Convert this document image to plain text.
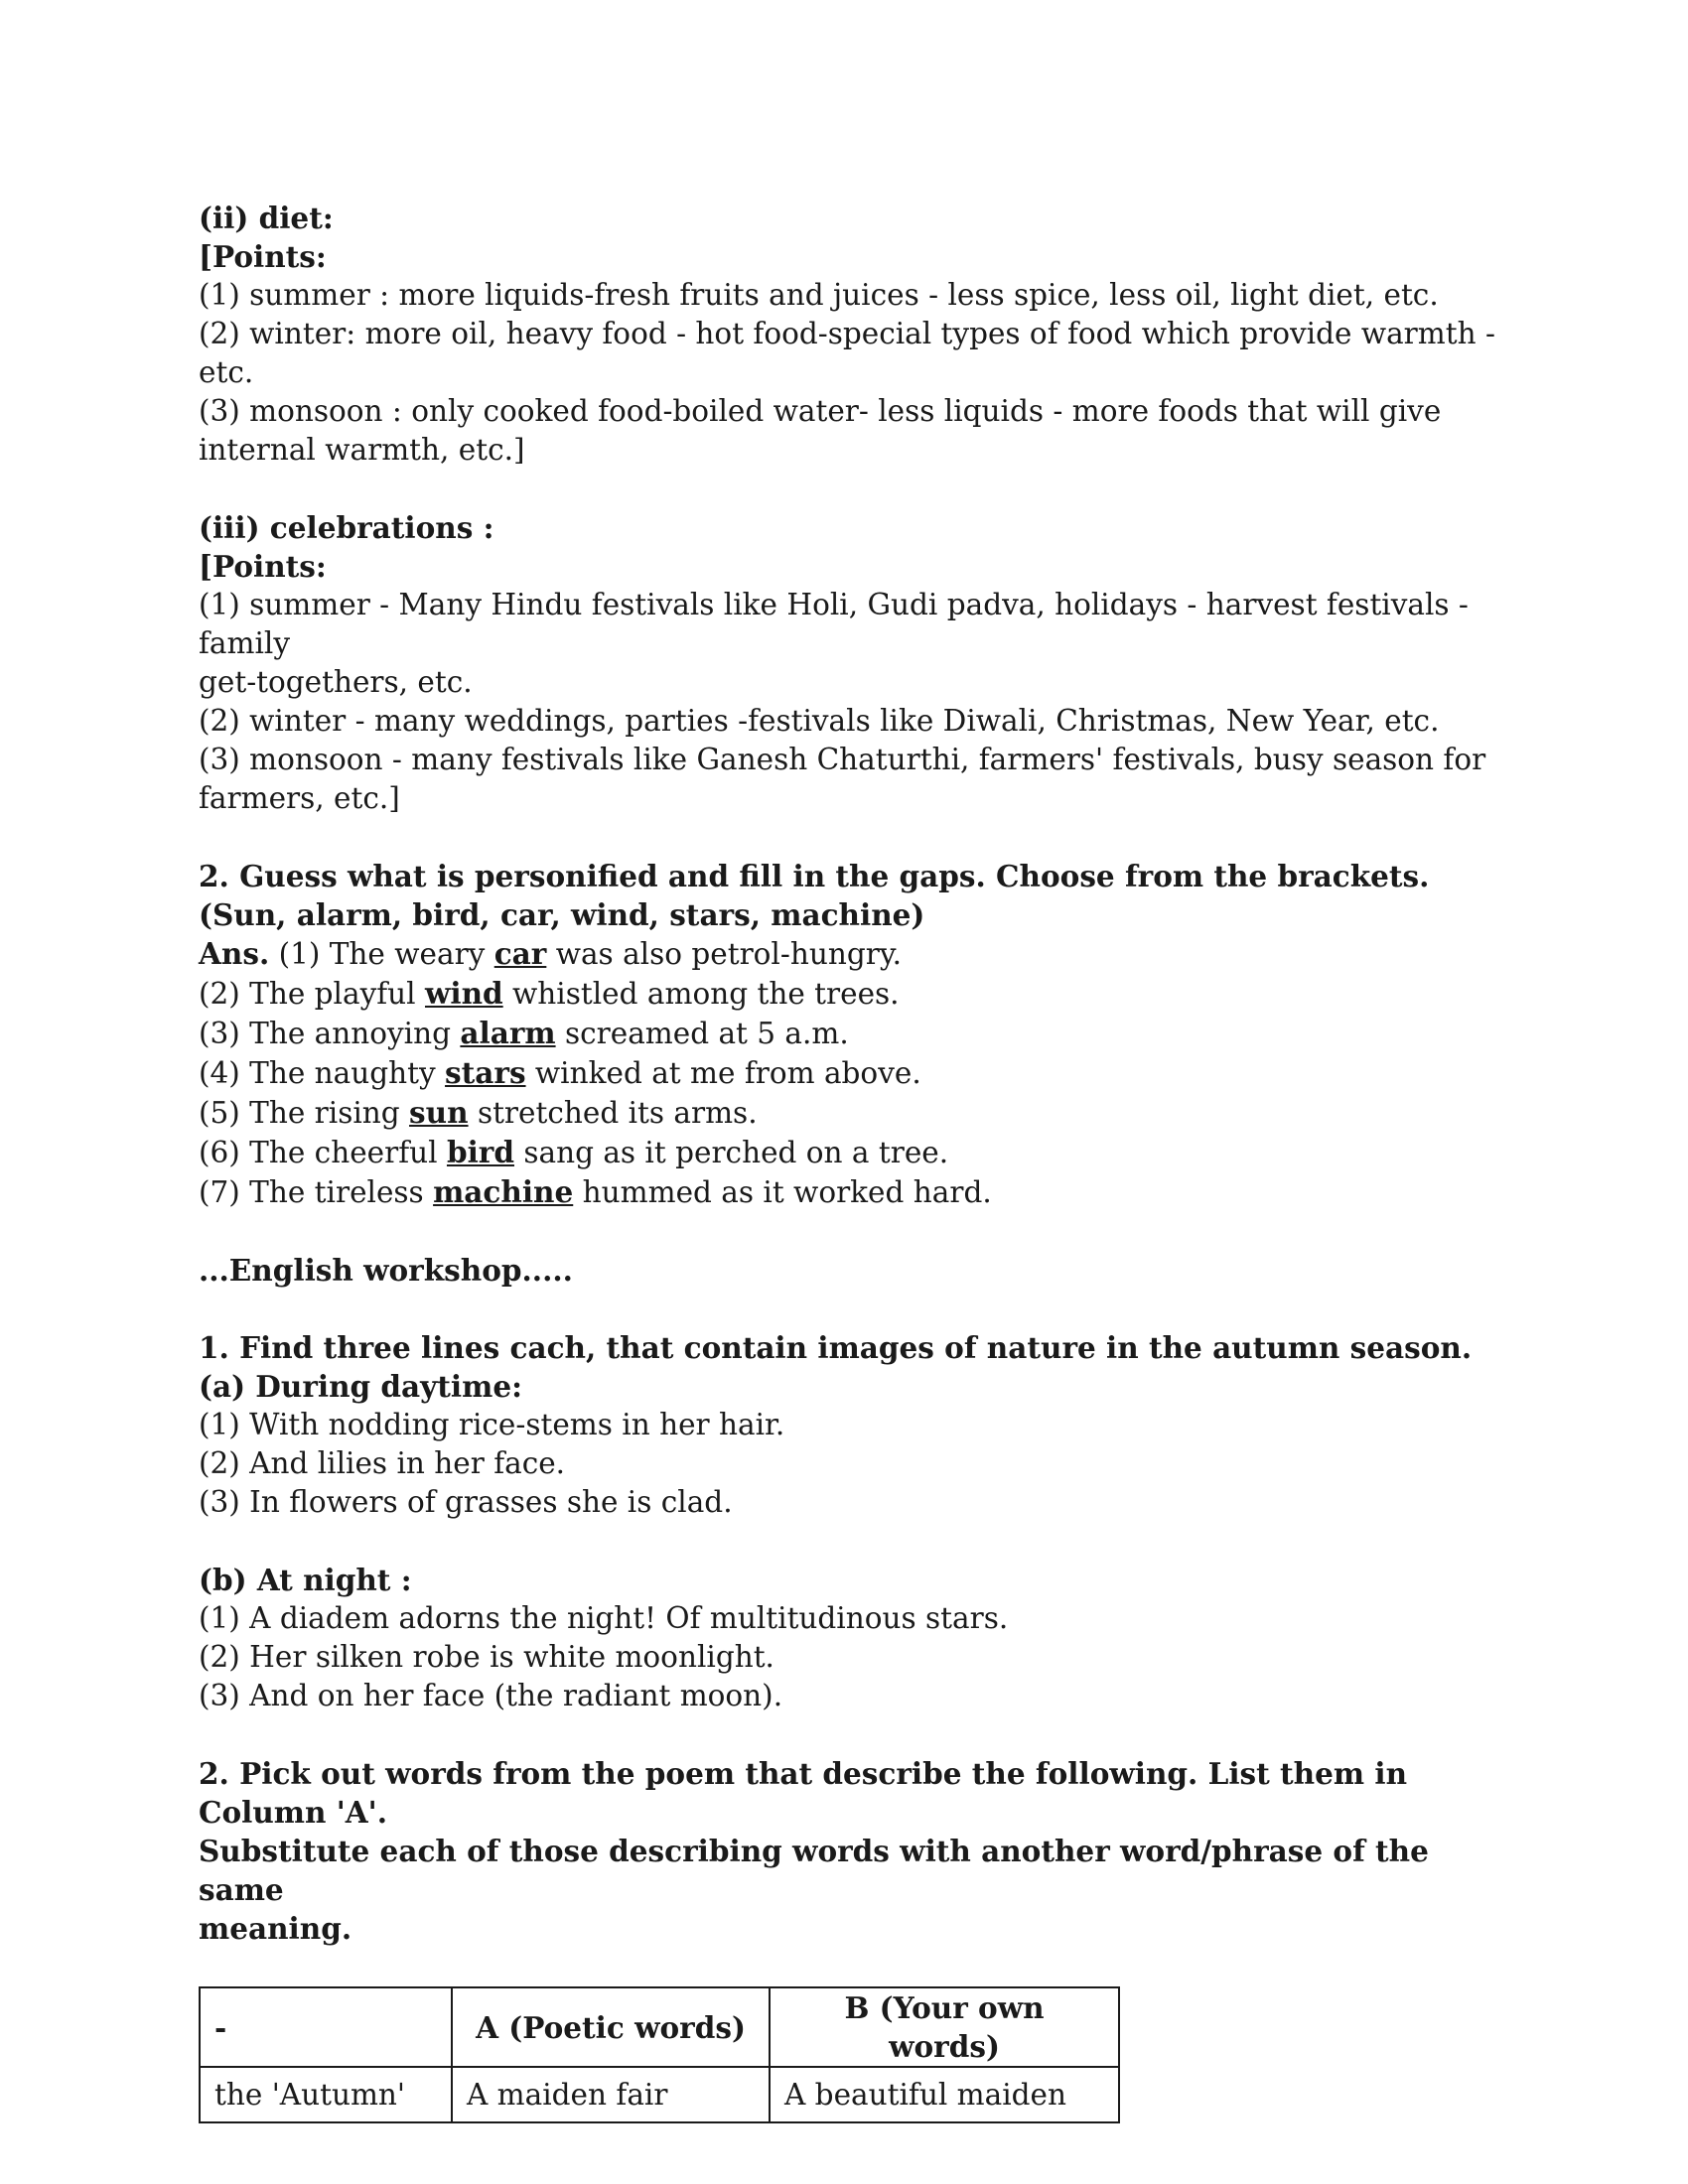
(ii) diet:

[Points:

(1) summer : more liquids-fresh fruits and juices - less spice, less oil, light diet, etc.

(2) winter: more oil, heavy food - hot food-special types of food which provide warmth -

etc.

(3) monsoon : only cooked food-boiled water- less liquids - more foods that will give

internal warmth, etc.]

(iii) celebrations :

[Points:

(1) summer - Many Hindu festivals like Holi, Gudi padva, holidays - harvest festivals -family

get-togethers, etc.

(2) winter - many weddings, parties -festivals like Diwali, Christmas, New Year, etc.

(3) monsoon - many festivals like Ganesh Chaturthi, farmers' festivals, busy season for

farmers, etc.]

2. Guess what is personified and fill in the gaps. Choose from the brackets.

(Sun, alarm, bird, car, wind, stars, machine)

Ans. (1) The weary car was also petrol-hungry.

(2) The playful wind whistled among the trees.

(3) The annoying alarm screamed at 5 a.m.

(4) The naughty stars winked at me from above.

(5) The rising sun stretched its arms.

(6) The cheerful bird sang as it perched on a tree.

(7) The tireless machine hummed as it worked hard.

...English workshop.....

1. Find three lines cach, that contain images of nature in the autumn season.

(a) During daytime:

(1) With nodding rice-stems in her hair.

(2) And lilies in her face.

(3) In flowers of grasses she is clad.

(b) At night :

(1) A diadem adorns the night! Of multitudinous stars.

(2) Her silken robe is white moonlight.

(3) And on her face (the radiant moon).

2. Pick out words from the poem that describe the following. List them in Column 'A'.

Substitute each of those describing words with another word/phrase of the same

meaning.

-	A (Poetic words)	B (Your own words)
the 'Autumn'	A maiden fair	A beautiful maiden
